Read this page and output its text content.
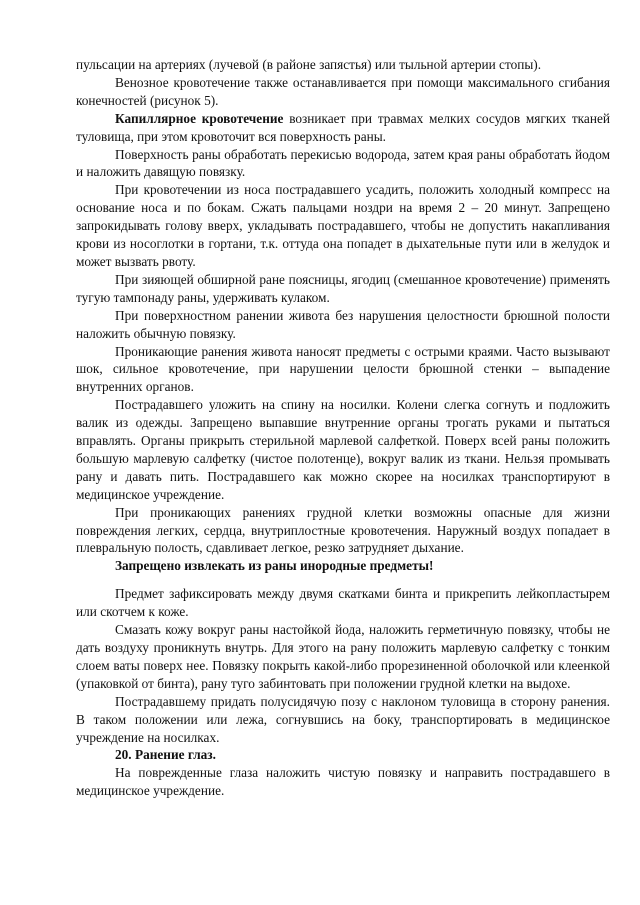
пульсации на артериях (лучевой (в районе запястья) или тыльной артерии стопы).

Венозное кровотечение также останавливается при помощи максимального сгибания конечностей (рисунок 5).

Капиллярное кровотечение возникает при травмах мелких сосудов мягких тканей туловища, при этом кровоточит вся поверхность раны.

Поверхность раны обработать перекисью водорода, затем края раны обработать йодом и наложить давящую повязку.

При кровотечении из носа пострадавшего усадить, положить холодный компресс на основание носа и по бокам. Сжать пальцами ноздри на время 2 – 20 минут. Запрещено запрокидывать голову вверх, укладывать пострадавшего, чтобы не допустить накапливания крови из носоглотки в гортани, т.к. оттуда она попадет в дыхательные пути или в желудок и может вызвать рвоту.

При зияющей обширной ране поясницы, ягодиц (смешанное кровотечение) применять тугую тампонаду раны, удерживать кулаком.

При поверхностном ранении живота без нарушения целостности брюшной полости наложить обычную повязку.

Проникающие ранения живота наносят предметы с острыми краями. Часто вызывают шок, сильное кровотечение, при нарушении целости брюшной стенки – выпадение внутренних органов.

Пострадавшего уложить на спину на носилки. Колени слегка согнуть и подложить валик из одежды. Запрещено выпавшие внутренние органы трогать руками и пытаться вправлять. Органы прикрыть стерильной марлевой салфеткой. Поверх всей раны положить большую марлевую салфетку (чистое полотенце), вокруг валик из ткани. Нельзя промывать рану и давать пить. Пострадавшего как можно скорее на носилках транспортируют в медицинское учреждение.

При проникающих ранениях грудной клетки возможны опасные для жизни повреждения легких, сердца, внутриплостные кровотечения. Наружный воздух попадает в плевральную полость, сдавливает легкое, резко затрудняет дыхание.

Запрещено извлекать из раны инородные предметы!

Предмет зафиксировать между двумя скатками бинта и прикрепить лейкопластырем или скотчем к коже.

Смазать кожу вокруг раны настойкой йода, наложить герметичную повязку, чтобы не дать воздуху проникнуть внутрь. Для этого на рану положить марлевую салфетку с тонким слоем ваты поверх нее. Повязку покрыть какой-либо прорезиненной оболочкой или клеенкой (упаковкой от бинта), рану туго забинтовать при положении грудной клетки на выдохе.

Пострадавшему придать полусидячую позу с наклоном туловища в сторону ранения. В таком положении или лежа, согнувшись на боку, транспортировать в медицинское учреждение на носилках.

20. Ранение глаз.

На поврежденные глаза наложить чистую повязку и направить пострадавшего в медицинское учреждение.
